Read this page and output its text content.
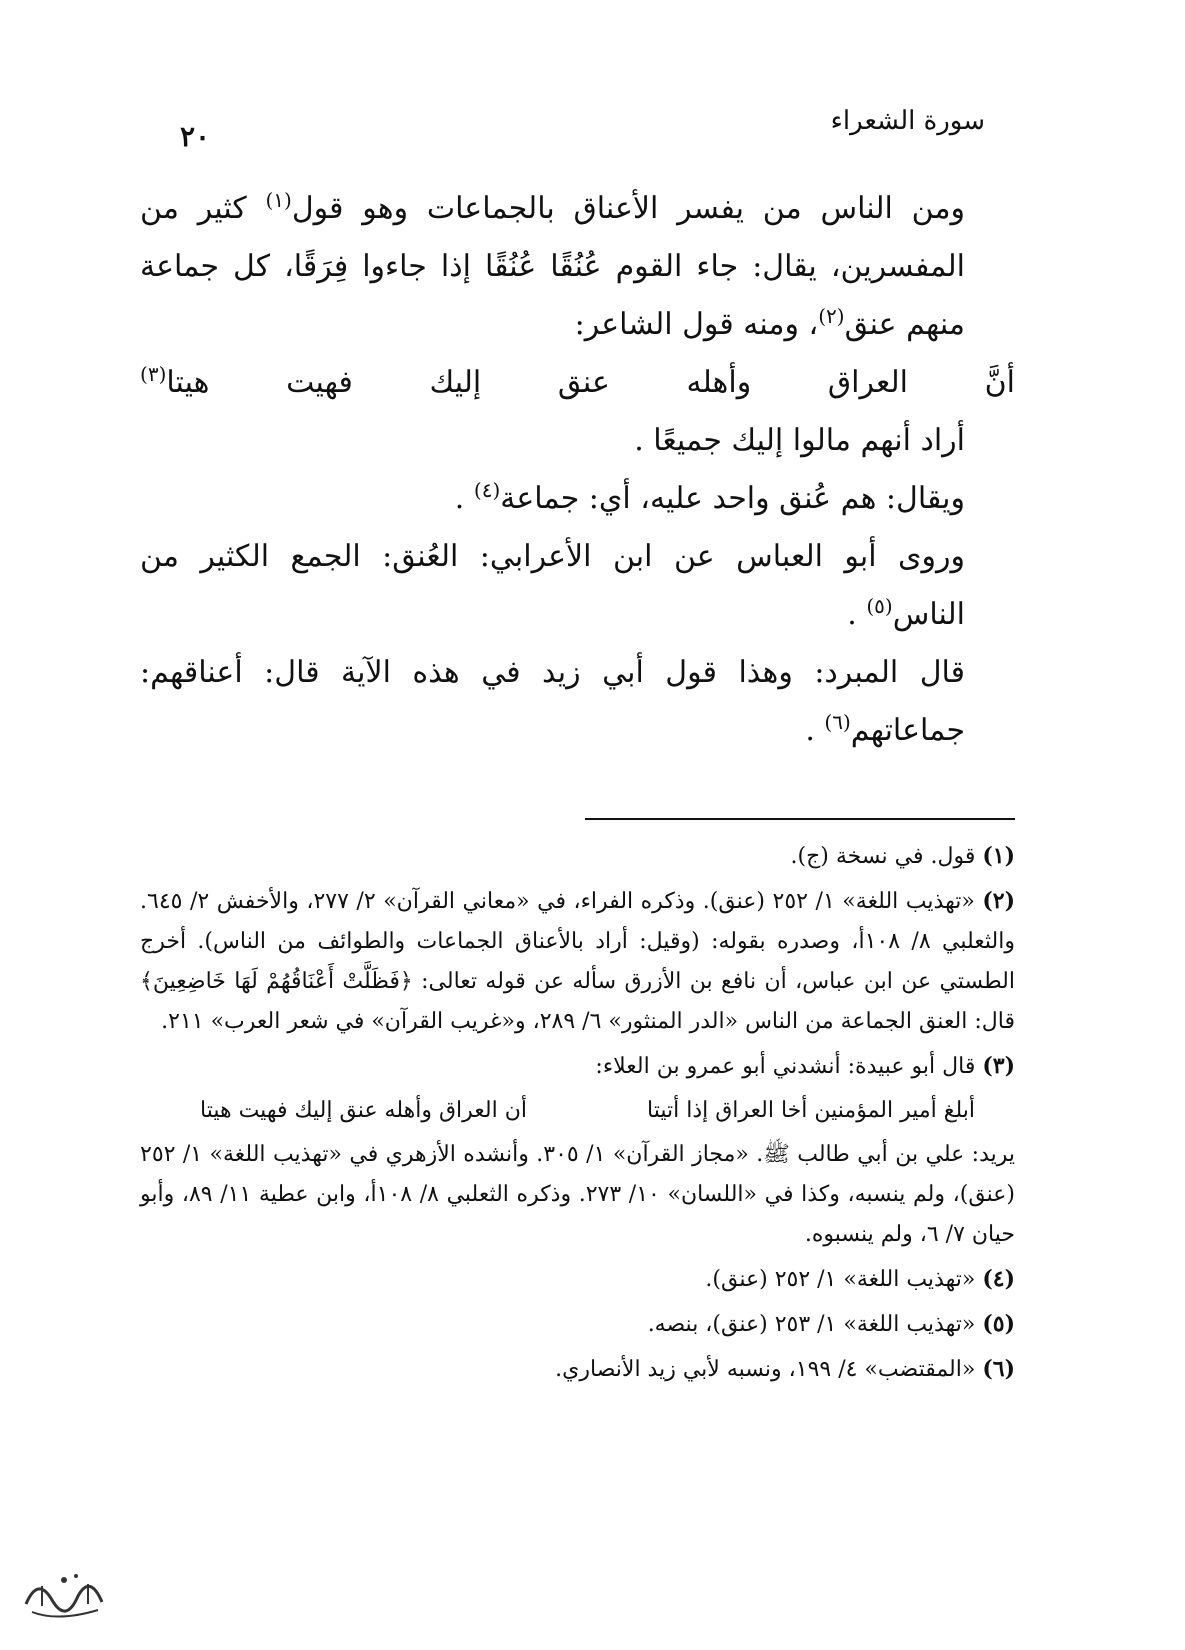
٢٠	سورة الشعراء

ومن الناس من يفسر الأعناق بالجماعات وهو قول$^{(١)}$ كثير من المفسرين، يقال: جاء القوم عُنُقًا عُنُقًا إذا جاءوا فِرَقًا، كل جماعة منهم عنق$^{(٢)}$، ومنه قول الشاعر:

أنَّ العراق وأهله عنق إليك فهيت هيتا$^{(٣)}$

أراد أنهم مالوا إليك جميعًا .

ويقال: هم عُنق واحد عليه، أي: جماعة$^{(٤)}$ .

وروى أبو العباس عن ابن الأعرابي: العُنق: الجمع الكثير من الناس$^{(٥)}$ .

قال المبرد: وهذا قول أبي زيد في هذه الآية قال: أعناقهم: جماعاتهم$^{(٦)}$ .

(١) قول. في نسخة (ج).

(٢) «تهذيب اللغة» ١/ ٢٥٢ (عنق). وذكره الفراء، في «معاني القرآن» ٢/ ٢٧٧، والأخفش ٢/ ٦٤٥. والثعلبي ٨/ ١٠٨أ، وصدره بقوله: (وقيل: أراد بالأعناق الجماعات والطوائف من الناس). أخرج الطستي عن ابن عباس، أن نافع بن الأزرق سأله عن قوله تعالى: ﴿فَظَلَّتْ أَعْنَاقُهُمْ لَهَا خَاضِعِينَ﴾ قال: العنق الجماعة من الناس «الدر المنثور» ٦/ ٢٨٩، و«غريب القرآن» في شعر العرب» ٢١١.

(٣) قال أبو عبيدة: أنشدني أبو عمرو بن العلاء:

أبلغ أمير المؤمنين أخا العراق إذا أتيتا
أن العراق وأهله عنق إليك فهيت هيتا

يريد: علي بن أبي طالب ﷺ. «مجاز القرآن» ١/ ٣٠٥. وأنشده الأزهري في «تهذيب اللغة» ١/ ٢٥٢ (عنق)، ولم ينسبه، وكذا في «اللسان» ١٠/ ٢٧٣. وذكره الثعلبي ٨/ ١٠٨أ، وابن عطية ١١/ ٨٩، وأبو حيان ٧/ ٦، ولم ينسبوه.

(٤) «تهذيب اللغة» ١/ ٢٥٢ (عنق).

(٥) «تهذيب اللغة» ١/ ٢٥٣ (عنق)، بنصه.

(٦) «المقتضب» ٤/ ١٩٩، ونسبه لأبي زيد الأنصاري.
